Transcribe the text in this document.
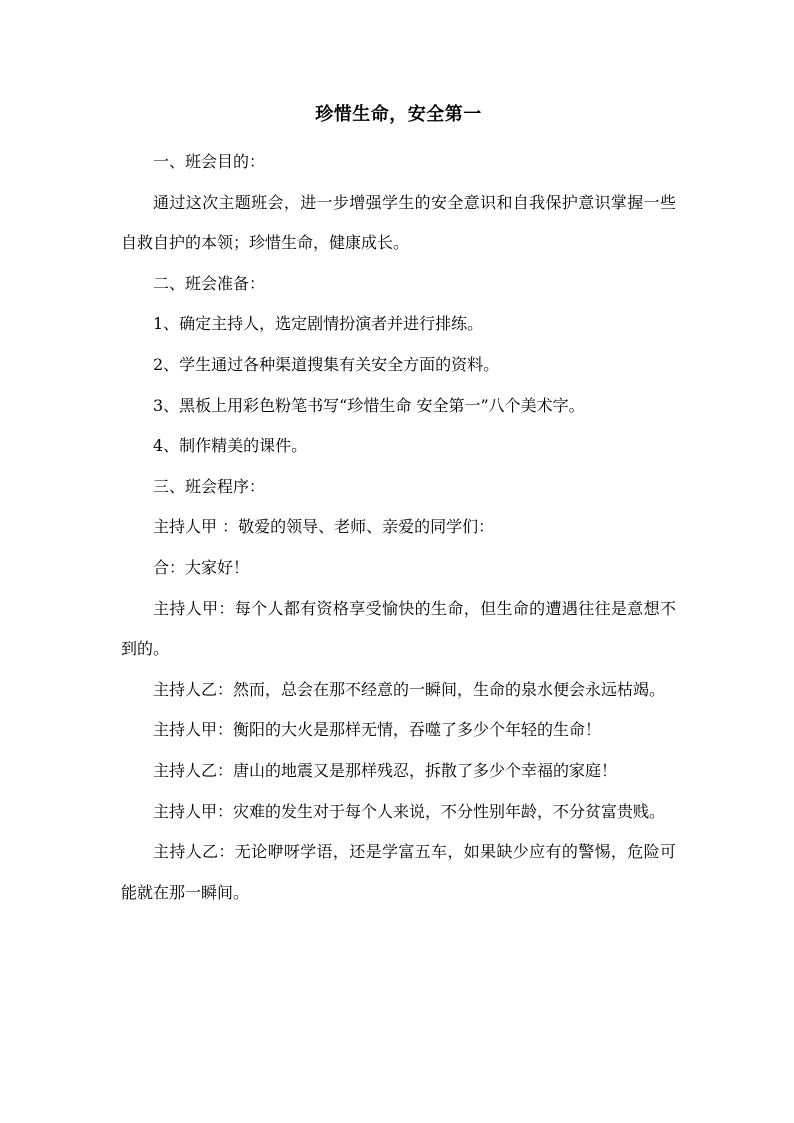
珍惜生命，安全第一

一、班会目的：

通过这次主题班会，进一步增强学生的安全意识和自我保护意识掌握一些自救自护的本领；珍惜生命，健康成长。

二、班会准备：

1、确定主持人，选定剧情扮演者并进行排练。

2、学生通过各种渠道搜集有关安全方面的资料。

3、黑板上用彩色粉笔书写“珍惜生命 安全第一”八个美术字。

4、制作精美的课件。

三、班会程序：

主持人甲 ：敬爱的领导、老师、亲爱的同学们：

合：大家好！

主持人甲：每个人都有资格享受愉快的生命，但生命的遭遇往往是意想不到的。

主持人乙：然而，总会在那不经意的一瞬间，生命的泉水便会永远枯竭。

主持人甲：衡阳的大火是那样无情，吞噬了多少个年轻的生命！

主持人乙：唐山的地震又是那样残忍，拆散了多少个幸福的家庭！

主持人甲：灾难的发生对于每个人来说，不分性别年龄，不分贫富贵贱。

主持人乙：无论咿呀学语，还是学富五车，如果缺少应有的警惕，危险可能就在那一瞬间。
